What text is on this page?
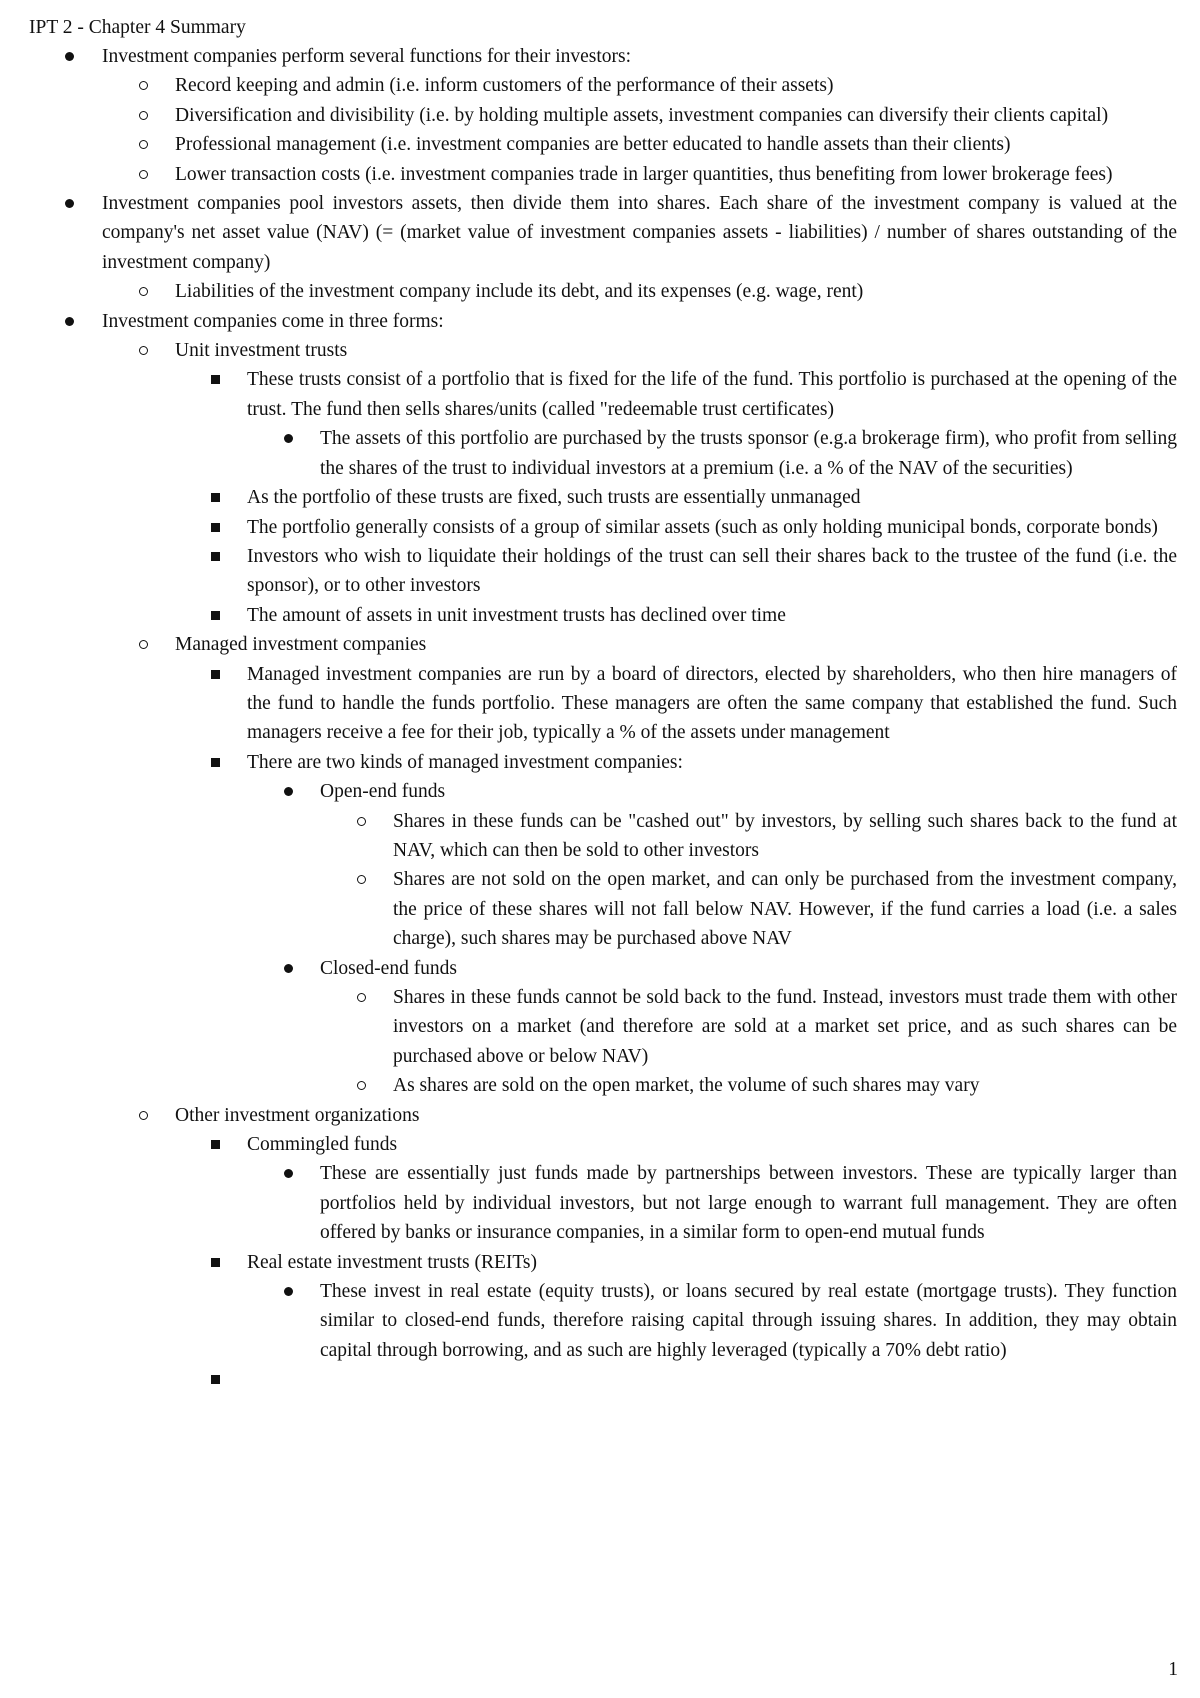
IPT 2 - Chapter 4 Summary
Investment companies perform several functions for their investors:
Record keeping and admin (i.e. inform customers of the performance of their assets)
Diversification and divisibility (i.e. by holding multiple assets, investment companies can diversify their clients capital)
Professional management (i.e. investment companies are better educated to handle assets than their clients)
Lower transaction costs (i.e. investment companies trade in larger quantities, thus benefiting from lower brokerage fees)
Investment companies pool investors assets, then divide them into shares. Each share of the investment company is valued at the company's net asset value (NAV) (= (market value of investment companies assets - liabilities) / number of shares outstanding of the investment company)
Liabilities of the investment company include its debt, and its expenses (e.g. wage, rent)
Investment companies come in three forms:
Unit investment trusts
These trusts consist of a portfolio that is fixed for the life of the fund. This portfolio is purchased at the opening of the trust. The fund then sells shares/units (called "redeemable trust certificates)
The assets of this portfolio are purchased by the trusts sponsor (e.g.a brokerage firm), who profit from selling the shares of the trust to individual investors at a premium (i.e. a % of the NAV of the securities)
As the portfolio of these trusts are fixed, such trusts are essentially unmanaged
The portfolio generally consists of a group of similar assets (such as only holding municipal bonds, corporate bonds)
Investors who wish to liquidate their holdings of the trust can sell their shares back to the trustee of the fund (i.e. the sponsor), or to other investors
The amount of assets in unit investment trusts has declined over time
Managed investment companies
Managed investment companies are run by a board of directors, elected by shareholders, who then hire managers of the fund to handle the funds portfolio. These managers are often the same company that established the fund. Such managers receive a fee for their job, typically a % of the assets under management
There are two kinds of managed investment companies:
Open-end funds
Shares in these funds can be "cashed out" by investors, by selling such shares back to the fund at NAV, which can then be sold to other investors
Shares are not sold on the open market, and can only be purchased from the investment company, the price of these shares will not fall below NAV. However, if the fund carries a load (i.e. a sales charge), such shares may be purchased above NAV
Closed-end funds
Shares in these funds cannot be sold back to the fund. Instead, investors must trade them with other investors on a market (and therefore are sold at a market set price, and as such shares can be purchased above or below NAV)
As shares are sold on the open market, the volume of such shares may vary
Other investment organizations
Commingled funds
These are essentially just funds made by partnerships between investors. These are typically larger than portfolios held by individual investors, but not large enough to warrant full management. They are often offered by banks or insurance companies, in a similar form to open-end mutual funds
Real estate investment trusts (REITs)
These invest in real estate (equity trusts), or loans secured by real estate (mortgage trusts). They function similar to closed-end funds, therefore raising capital through issuing shares. In addition, they may obtain capital through borrowing, and as such are highly leveraged (typically a 70% debt ratio)
1
